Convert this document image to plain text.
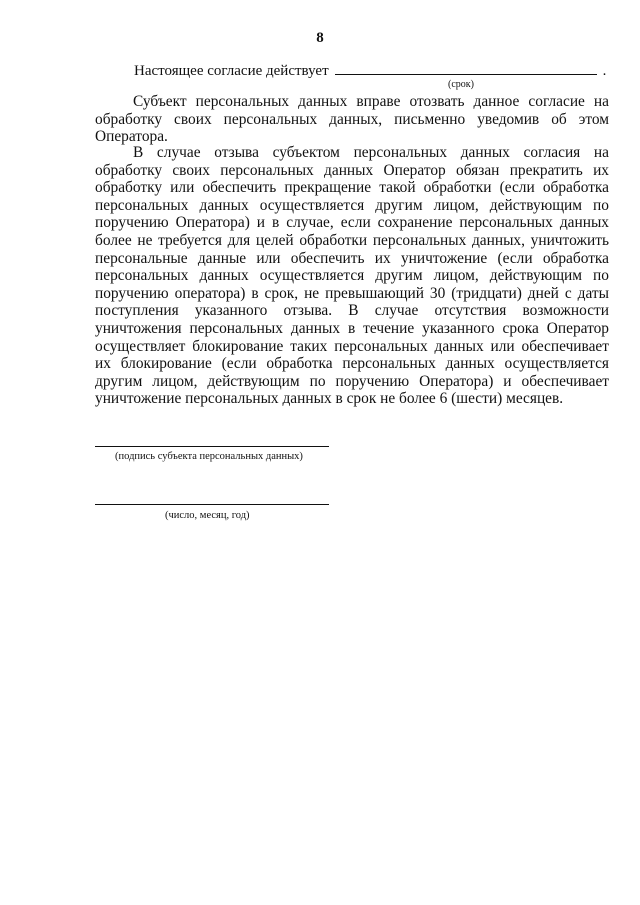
8
Настоящее согласие действует	.
(срок)

Субъект персональных данных вправе отозвать данное согласие на обработку своих персональных данных, письменно уведомив об этом Оператора.

В случае отзыва субъектом персональных данных согласия на обработку своих персональных данных Оператор обязан прекратить их обработку или обеспечить прекращение такой обработки (если обработка персональных данных осуществляется другим лицом, действующим по поручению Оператора) и в случае, если сохранение персональных данных более не требуется для целей обработки персональных данных, уничтожить персональные данные или обеспечить их уничтожение (если обработка персональных данных осуществляется другим лицом, действующим по поручению оператора) в срок, не превышающий 30 (тридцати) дней с даты поступления указанного отзыва. В случае отсутствия возможности уничтожения персональных данных в течение указанного срока Оператор осуществляет блокирование таких персональных данных или обеспечивает их блокирование (если обработка персональных данных осуществляется другим лицом, действующим по поручению Оператора) и обеспечивает уничтожение персональных данных в срок не более 6 (шести) месяцев.

(подпись субъекта персональных данных)
(число, месяц, год)
